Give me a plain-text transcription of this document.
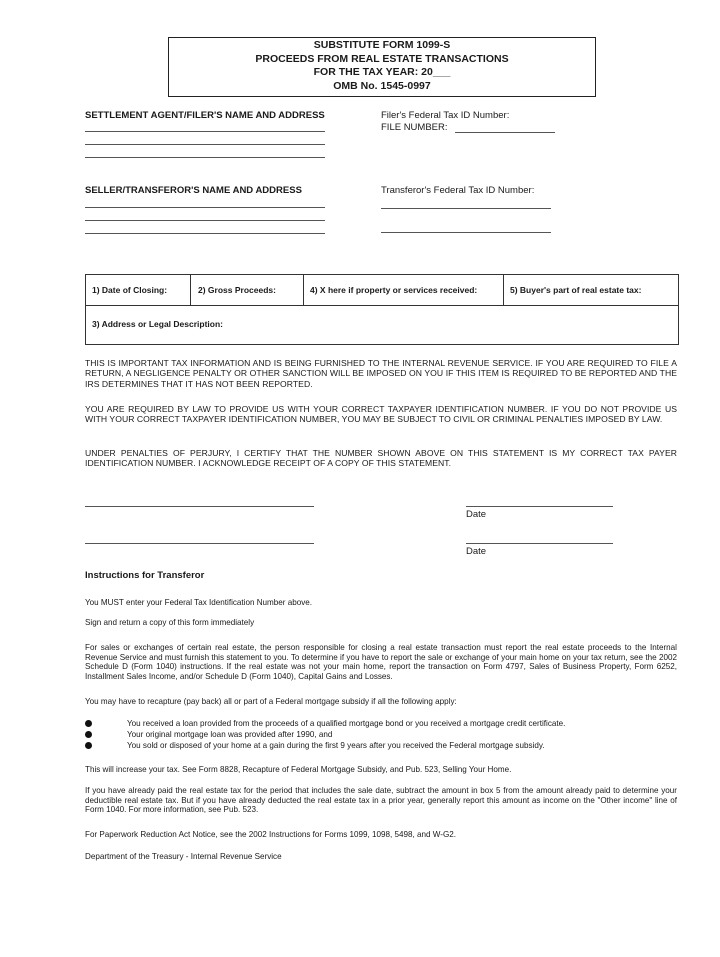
SUBSTITUTE FORM 1099-S
PROCEEDS FROM REAL ESTATE TRANSACTIONS
FOR THE TAX YEAR: 20___
OMB No. 1545-0997
SETTLEMENT AGENT/FILER'S NAME AND ADDRESS	Filer's Federal Tax ID Number:
FILE NUMBER:
SELLER/TRANSFEROR'S NAME AND ADDRESS	Transferor's Federal Tax ID Number:
1) Date of Closing:	2) Gross Proceeds:	4) X here if property or services received:	5) Buyer's part of real estate tax:
3) Address or Legal Description:
THIS IS IMPORTANT TAX INFORMATION AND IS BEING FURNISHED TO THE INTERNAL REVENUE SERVICE. IF YOU ARE REQUIRED TO FILE A RETURN, A NEGLIGENCE PENALTY OR OTHER SANCTION WILL BE IMPOSED ON YOU IF THIS ITEM IS REQUIRED TO BE REPORTED AND THE IRS DETERMINES THAT IT HAS NOT BEEN REPORTED.
YOU ARE REQUIRED BY LAW TO PROVIDE US WITH YOUR CORRECT TAXPAYER IDENTIFICATION NUMBER. IF YOU DO NOT PROVIDE US WITH YOUR CORRECT TAXPAYER IDENTIFICATION NUMBER, YOU MAY BE SUBJECT TO CIVIL OR CRIMINAL PENALTIES IMPOSED BY LAW.
UNDER PENALTIES OF PERJURY, I CERTIFY THAT THE NUMBER SHOWN ABOVE ON THIS STATEMENT IS MY CORRECT TAX PAYER IDENTIFICATION NUMBER. I ACKNOWLEDGE RECEIPT OF A COPY OF THIS STATEMENT.
Date
Date
Instructions for Transferor
You MUST enter your Federal Tax Identification Number above.
Sign and return a copy of this form immediately
For sales or exchanges of certain real estate, the person responsible for closing a real estate transaction must report the real estate proceeds to the Internal Revenue Service and must furnish this statement to you. To determine if you have to report the sale or exchange of your main home on your tax return, see the 2002 Schedule D (Form 1040) instructions. If the real estate was not your main home, report the transaction on Form 4797, Sales of Business Property, Form 6252, Installment Sales Income, and/or Schedule D (Form 1040), Capital Gains and Losses.
You may have to recapture (pay back) all or part of a Federal mortgage subsidy if all the following apply:
You received a loan provided from the proceeds of a qualified mortgage bond or you received a mortgage credit certificate.
Your original mortgage loan was provided after 1990, and
You sold or disposed of your home at a gain during the first 9 years after you received the Federal mortgage subsidy.
This will increase your tax. See Form 8828, Recapture of Federal Mortgage Subsidy, and Pub. 523, Selling Your Home.
If you have already paid the real estate tax for the period that includes the sale date, subtract the amount in box 5 from the amount already paid to determine your deductible real estate tax. But if you have already deducted the real estate tax in a prior year, generally report this amount as income on the "Other income" line of Form 1040. For more information, see Pub. 523.
For Paperwork Reduction Act Notice, see the 2002 Instructions for Forms 1099, 1098, 5498, and W-G2.
Department of the Treasury - Internal Revenue Service
